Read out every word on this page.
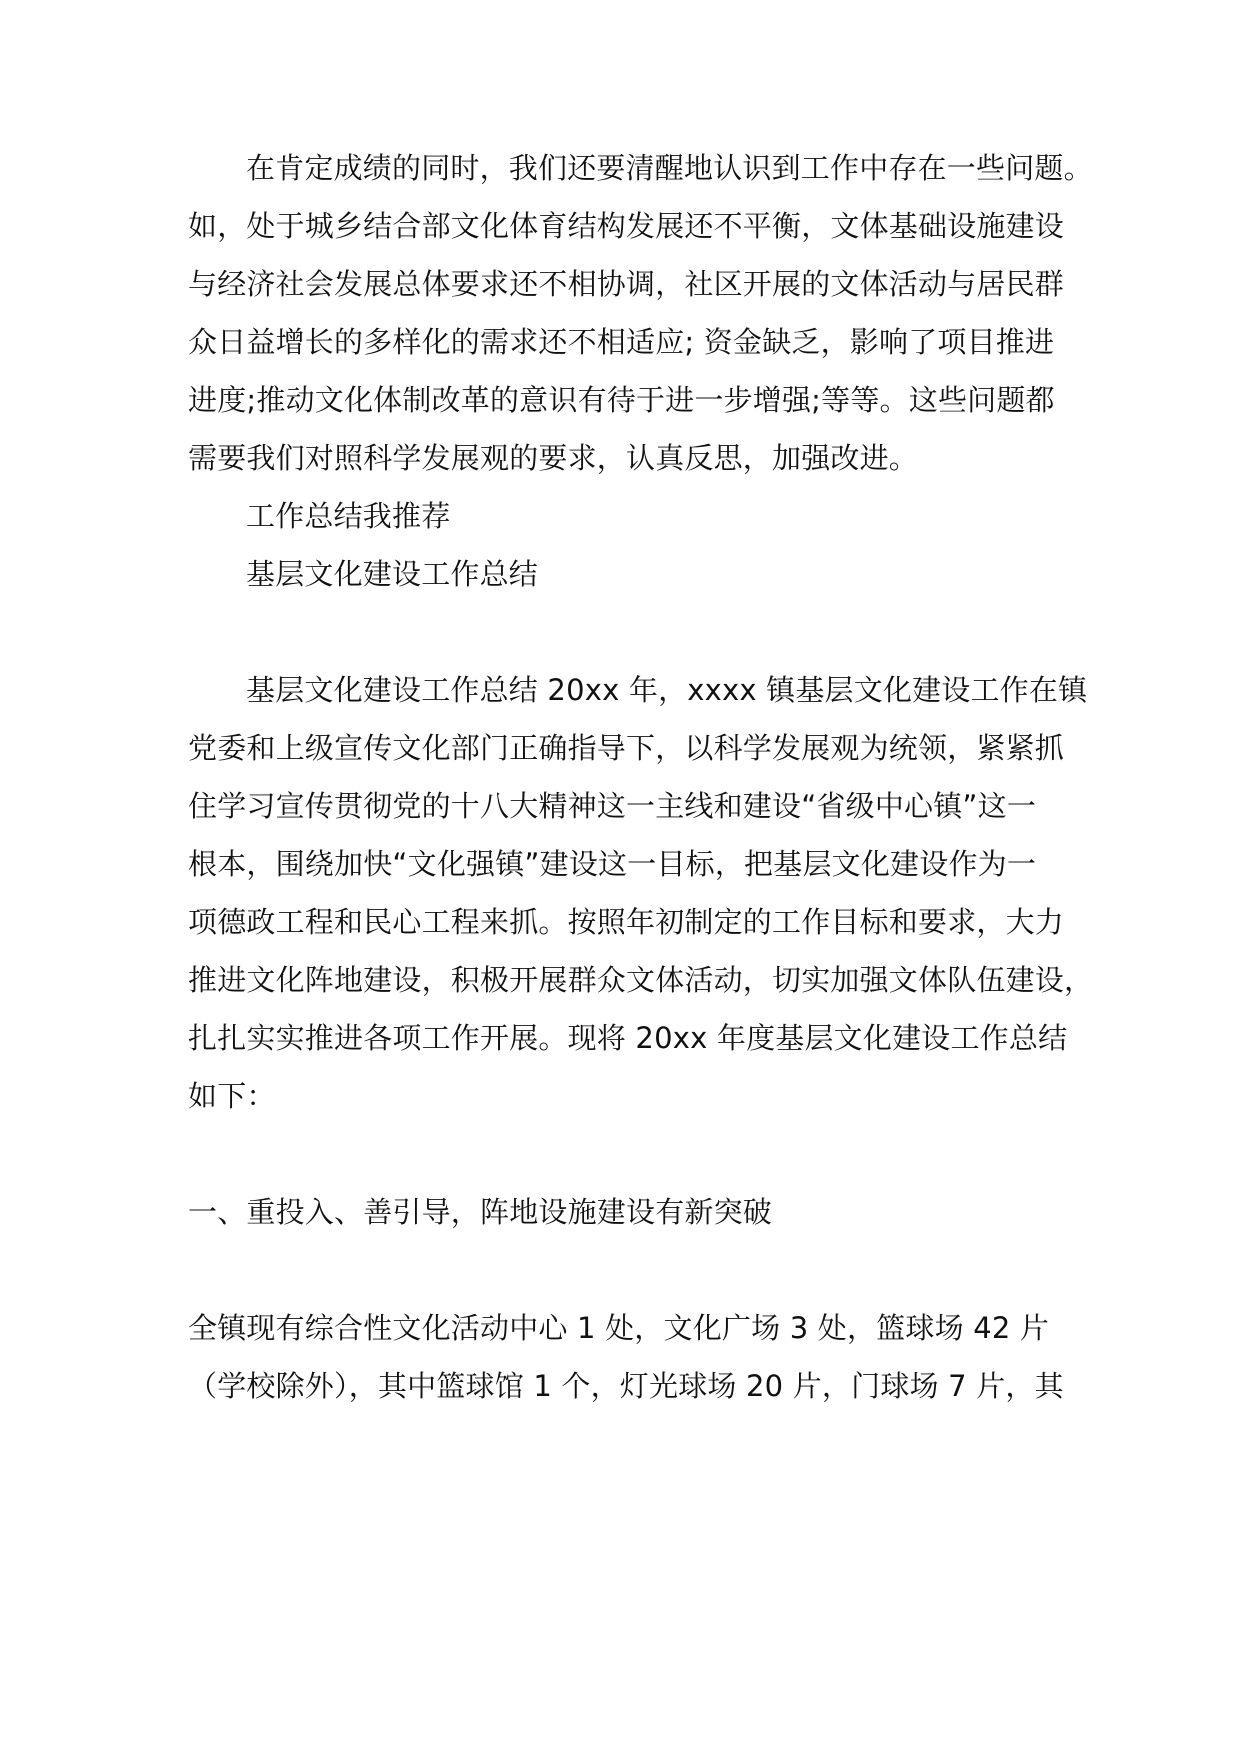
在肯定成绩的同时，我们还要清醒地认识到工作中存在一些问题。
如，处于城乡结合部文化体育结构发展还不平衡，文体基础设施建设
与经济社会发展总体要求还不相协调，社区开展的文体活动与居民群
众日益增长的多样化的需求还不相适应; 资金缺乏，影响了项目推进
进度;推动文化体制改革的意识有待于进一步增强;等等。这些问题都
需要我们对照科学发展观的要求，认真反思，加强改进。
工作总结我推荐
基层文化建设工作总结
基层文化建设工作总结 20xx 年，xxxx 镇基层文化建设工作在镇
党委和上级宣传文化部门正确指导下，以科学发展观为统领，紧紧抓
住学习宣传贯彻党的十八大精神这一主线和建设“省级中心镇”这一
根本，围绕加快“文化强镇”建设这一目标，把基层文化建设作为一
项德政工程和民心工程来抓。按照年初制定的工作目标和要求，大力
推进文化阵地建设，积极开展群众文体活动，切实加强文体队伍建设，
扎扎实实推进各项工作开展。现将 20xx 年度基层文化建设工作总结
如下：
一、重投入、善引导，阵地设施建设有新突破
全镇现有综合性文化活动中心 1 处，文化广场 3 处，篮球场 42 片
（学校除外），其中篮球馆 1 个，灯光球场 20 片，门球场 7 片，其
